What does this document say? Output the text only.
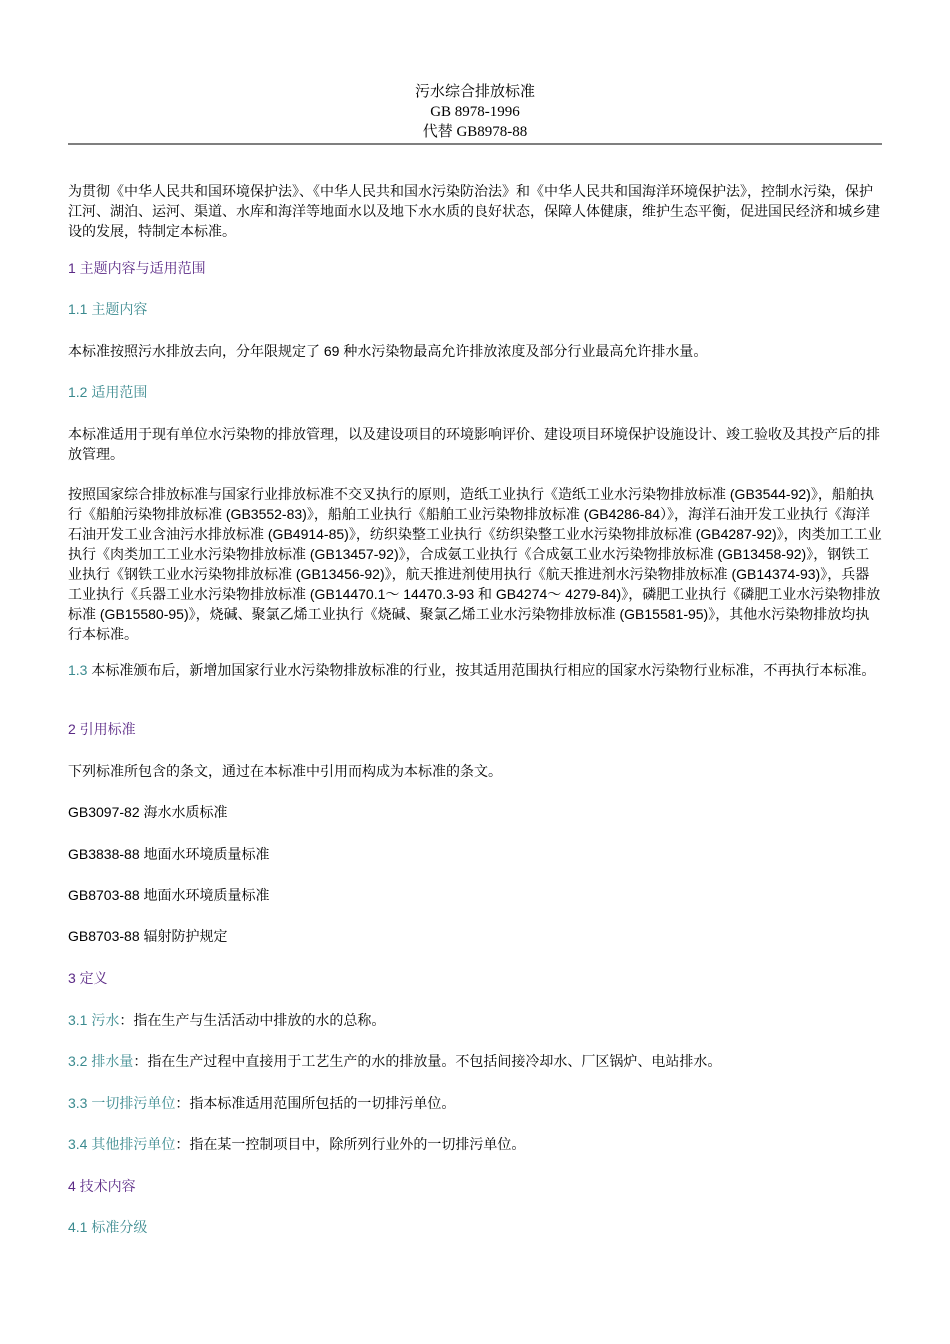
污水综合排放标准
GB 8978-1996
代替 GB8978-88

为贯彻《中华人民共和国环境保护法》、《中华人民共和国水污染防治法》和《中华人民共和国海洋环境保护法》，控制水污染，保护江河、湖泊、运河、渠道、水库和海洋等地面水以及地下水水质的良好状态，保障人体健康，维护生态平衡，促进国民经济和城乡建设的发展，特制定本标准。

1 主题内容与适用范围

1.1 主题内容

本标准按照污水排放去向，分年限规定了 69 种水污染物最高允许排放浓度及部分行业最高允许排水量。

1.2 适用范围

本标准适用于现有单位水污染物的排放管理，以及建设项目的环境影响评价、建设项目环境保护设施设计、竣工验收及其投产后的排放管理。

按照国家综合排放标准与国家行业排放标准不交叉执行的原则，造纸工业执行《造纸工业水污染物排放标准 (GB3544-92)》，船舶执行《船舶污染物排放标准 (GB3552-83)》，船舶工业执行《船舶工业污染物排放标准 (GB4286-84）》，海洋石油开发工业执行《海洋石油开发工业含油污水排放标准 (GB4914-85)》，纺织染整工业执行《纺织染整工业水污染物排放标准 (GB4287-92)》，肉类加工工业执行《肉类加工工业水污染物排放标准 (GB13457-92)》，合成氨工业执行《合成氨工业水污染物排放标准 (GB13458-92)》，钢铁工业执行《钢铁工业水污染物排放标准 (GB13456-92)》，航天推进剂使用执行《航天推进剂水污染物排放标准 (GB14374-93)》，兵器工业执行《兵器工业水污染物排放标准 (GB14470.1～ 14470.3-93 和 GB4274～ 4279-84)》，磷肥工业执行《磷肥工业水污染物排放标准 (GB15580-95)》，烧碱、聚氯乙烯工业执行《烧碱、聚氯乙烯工业水污染物排放标准 (GB15581-95)》，其他水污染物排放均执行本标准。

1.3 本标准颁布后，新增加国家行业水污染物排放标准的行业，按其适用范围执行相应的国家水污染物行业标准，不再执行本标准。

2 引用标准

下列标准所包含的条文，通过在本标准中引用而构成为本标准的条文。

GB3097-82 海水水质标准

GB3838-88 地面水环境质量标准

GB8703-88 地面水环境质量标准

GB8703-88 辐射防护规定

3 定义

3.1 污水：指在生产与生活活动中排放的水的总称。

3.2 排水量：指在生产过程中直接用于工艺生产的水的排放量。不包括间接冷却水、厂区锅炉、电站排水。

3.3 一切排污单位：指本标准适用范围所包括的一切排污单位。

3.4 其他排污单位：指在某一控制项目中，除所列行业外的一切排污单位。

4 技术内容

4.1 标准分级
